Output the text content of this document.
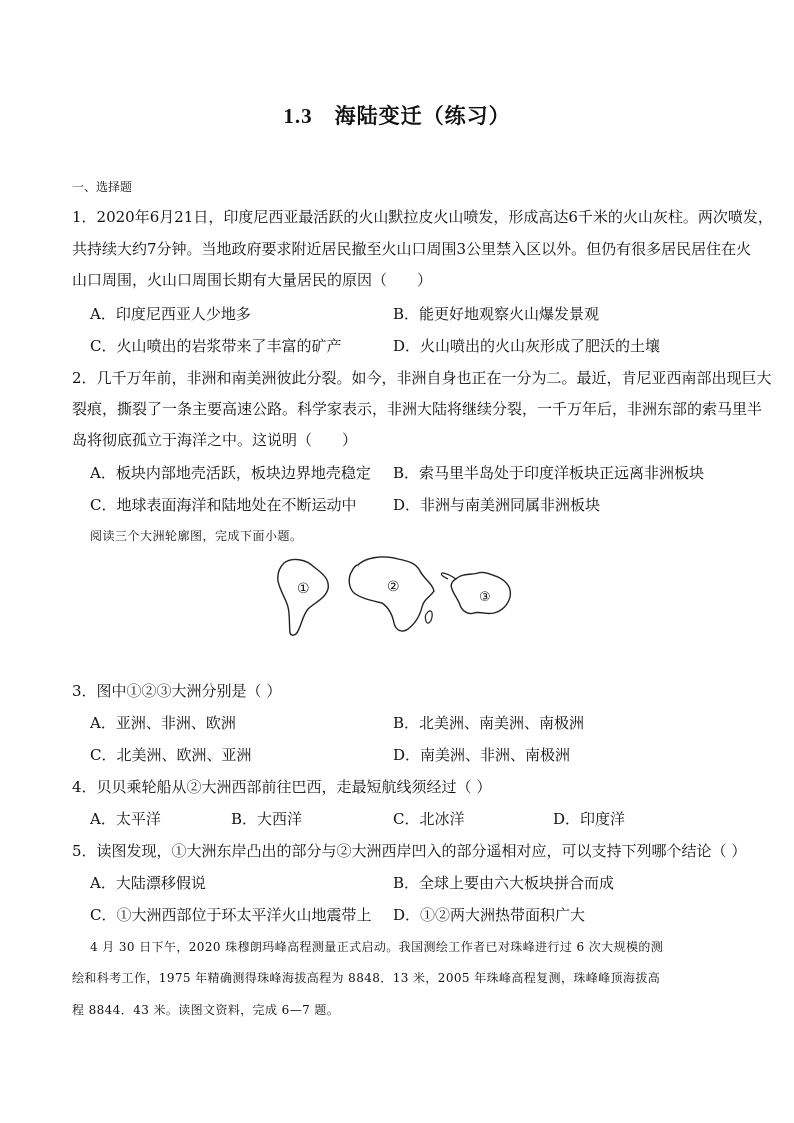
1.3 海陆变迁（练习）
一、选择题
1．2020年6月21日，印度尼西亚最活跃的火山默拉皮火山喷发，形成高达6千米的火山灰柱。两次喷发，
共持续大约7分钟。当地政府要求附近居民撤至火山口周围3公里禁入区以外。但仍有很多居民居住在火
山口周围，火山口周围长期有大量居民的原因（　　）
A．印度尼西亚人少地多	B．能更好地观察火山爆发景观
C．火山喷出的岩浆带来了丰富的矿产	D．火山喷出的火山灰形成了肥沃的土壤
2．几千万年前，非洲和南美洲彼此分裂。如今，非洲自身也正在一分为二。最近，肯尼亚西南部出现巨大
裂痕，撕裂了一条主要高速公路。科学家表示，非洲大陆将继续分裂，一千万年后，非洲东部的索马里半
岛将彻底孤立于海洋之中。这说明（　　）
A．板块内部地壳活跃，板块边界地壳稳定 B．索马里半岛处于印度洋板块正远离非洲板块
C．地球表面海洋和陆地处在不断运动中 D．非洲与南美洲同属非洲板块
阅读三个大洲轮廓图，完成下面小题。
①	②
③
3．图中①②③大洲分别是（ ）
A．亚洲、非洲、欧洲	B．北美洲、南美洲、南极洲
C．北美洲、欧洲、亚洲	D．南美洲、非洲、南极洲
4．贝贝乘轮船从②大洲西部前往巴西，走最短航线须经过（ ）
A．太平洋	B．大西洋	C．北冰洋	D．印度洋
5．读图发现，①大洲东岸凸出的部分与②大洲西岸凹入的部分遥相对应，可以支持下列哪个结论（ ）
A．大陆漂移假说	B．全球上要由六大板块拼合而成
C．①大洲西部位于环太平洋火山地震带上 D．①②两大洲热带面积广大
4 月 30 日下午，2020 珠穆朗玛峰高程测量正式启动。我国测绘工作者已对珠峰进行过 6 次大规模的测
绘和科考工作，1975 年精确测得珠峰海拔高程为 8848．13 米，2005 年珠峰高程复测，珠峰峰顶海拔高
程 8844．43 米。读图文资料，完成 6—7 题。
